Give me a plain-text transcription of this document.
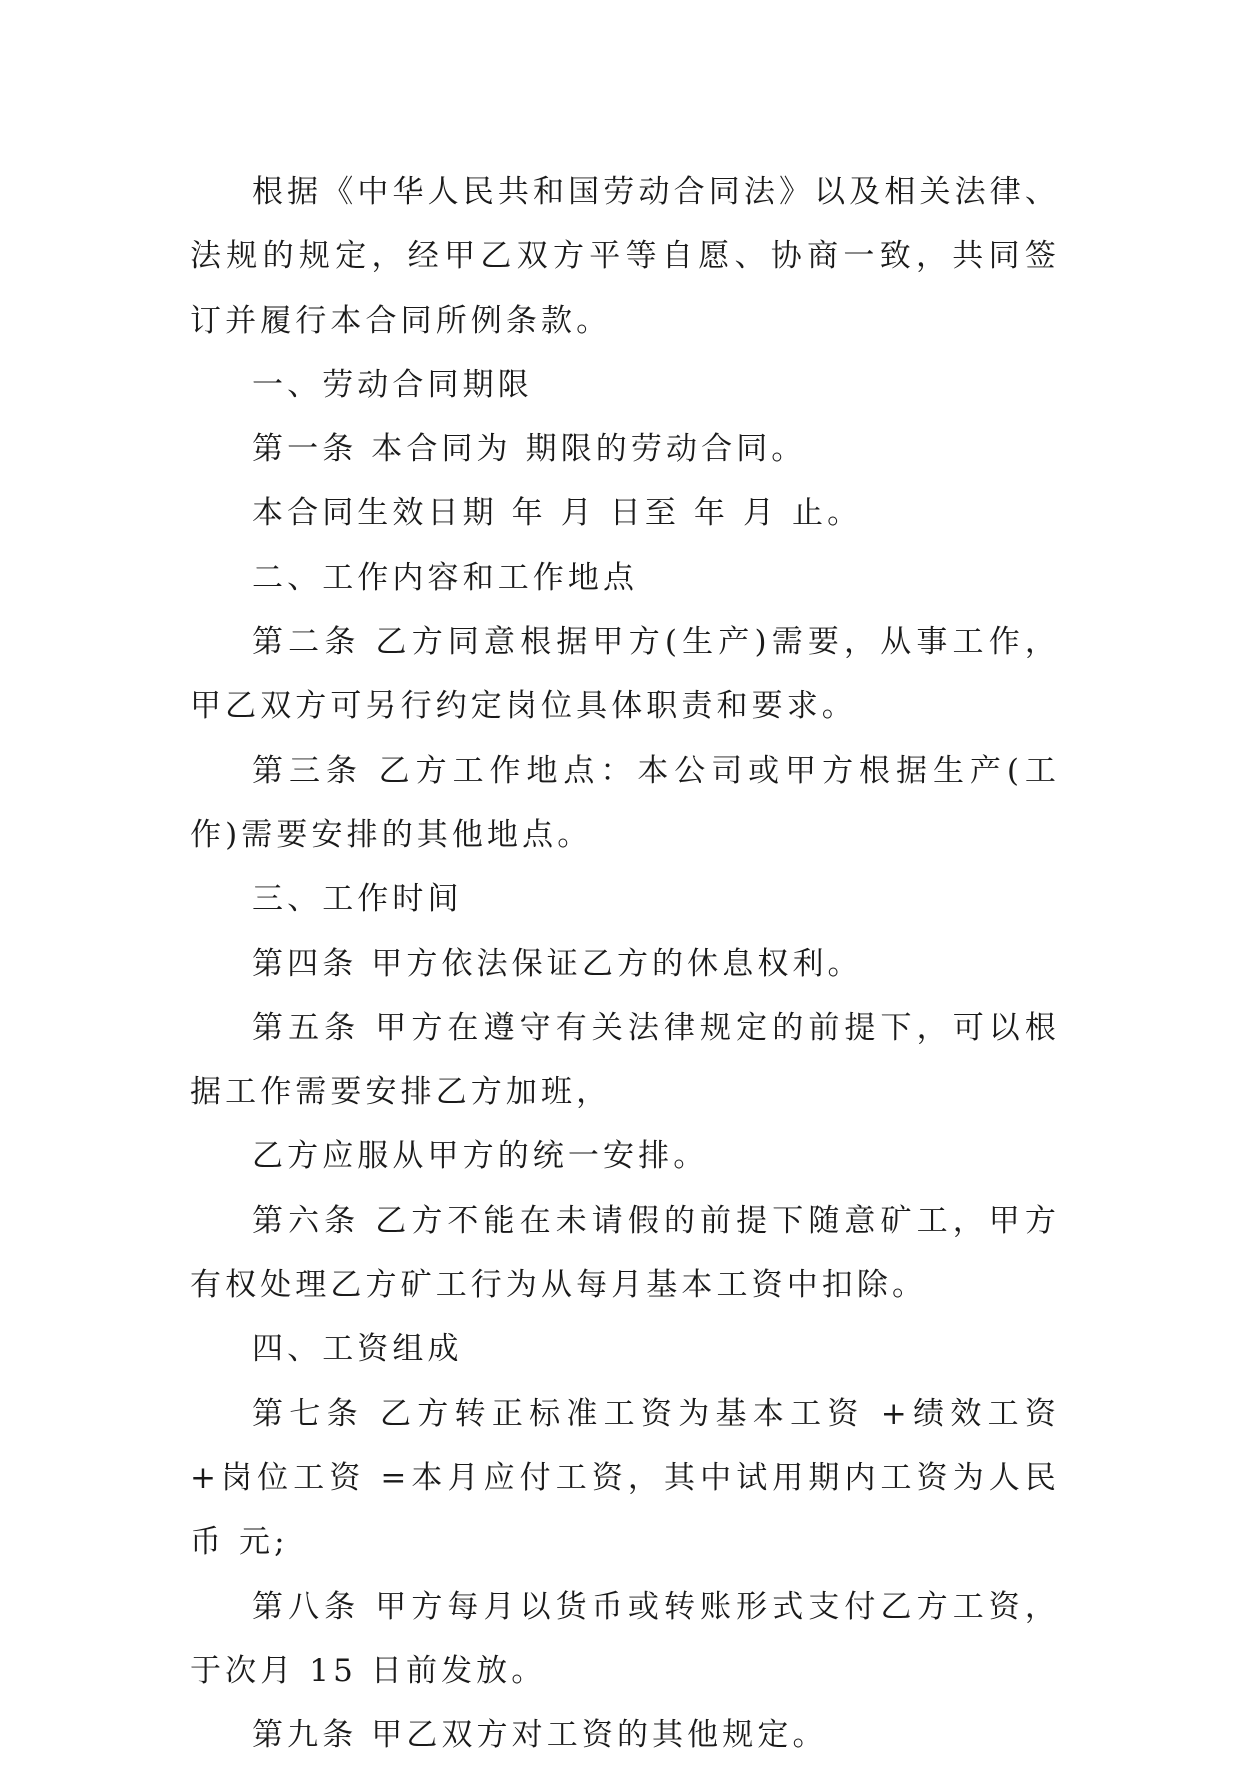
根据《中华人民共和国劳动合同法》以及相关法律、法规的规定，经甲乙双方平等自愿、协商一致，共同签订并履行本合同所例条款。

一、劳动合同期限

第一条 本合同为 期限的劳动合同。

本合同生效日期 年 月 日至 年 月 止。

二、工作内容和工作地点

第二条 乙方同意根据甲方(生产)需要，从事工作，甲乙双方可另行约定岗位具体职责和要求。

第三条 乙方工作地点：本公司或甲方根据生产(工作)需要安排的其他地点。

三、工作时间

第四条 甲方依法保证乙方的休息权利。

第五条 甲方在遵守有关法律规定的前提下，可以根据工作需要安排乙方加班，

乙方应服从甲方的统一安排。

第六条 乙方不能在未请假的前提下随意矿工，甲方有权处理乙方矿工行为从每月基本工资中扣除。

四、工资组成

第七条 乙方转正标准工资为基本工资 +绩效工资 +岗位工资 =本月应付工资，其中试用期内工资为人民币 元;

第八条 甲方每月以货币或转账形式支付乙方工资，于次月 15 日前发放。

第九条 甲乙双方对工资的其他规定。
